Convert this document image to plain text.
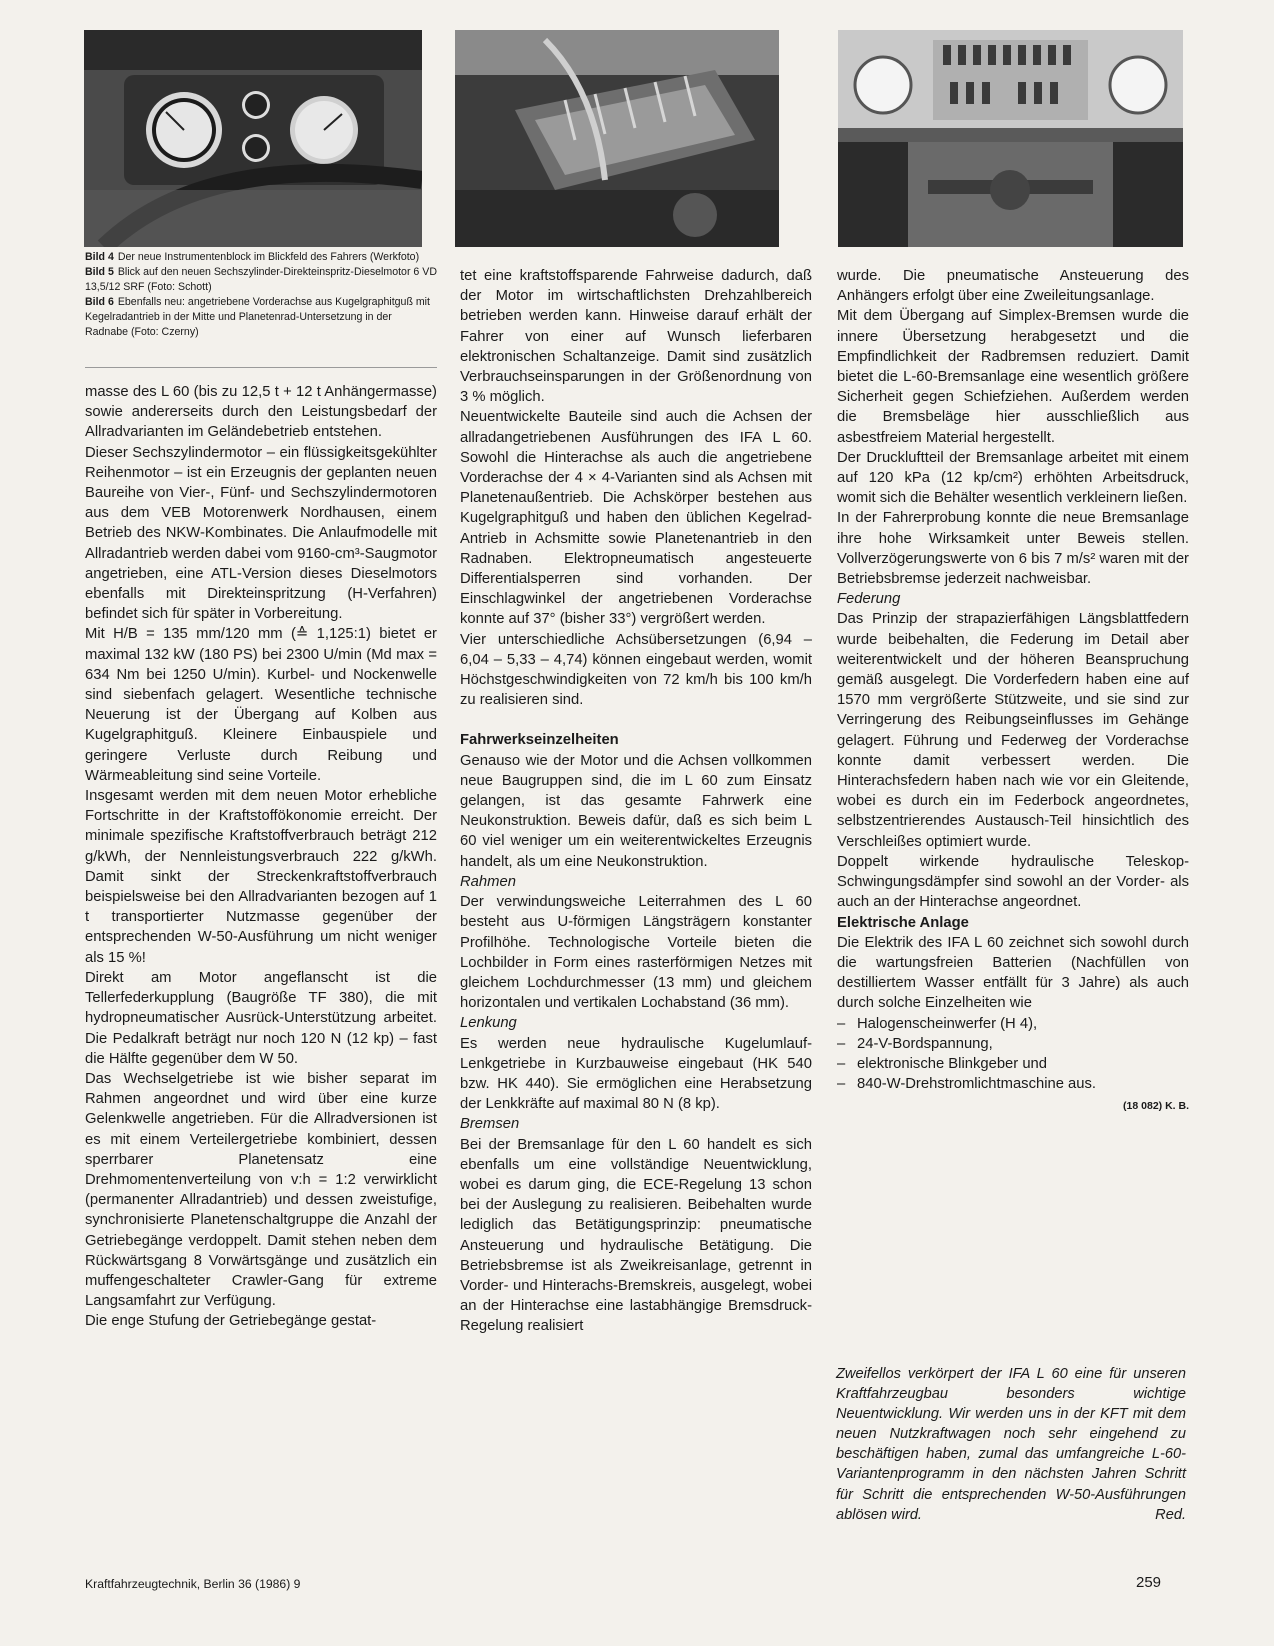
Bild 4 Der neue Instrumentenblock im Blickfeld des Fahrers (Werkfoto)

Bild 5 Blick auf den neuen Sechszylinder-Direkteinspritz-Dieselmotor 6 VD 13,5/12 SRF (Foto: Schott)

Bild 6 Ebenfalls neu: angetriebene Vorderachse aus Kugelgraphitguß mit Kegelradantrieb in der Mitte und Planetenrad-Untersetzung in der Radnabe (Foto: Czerny)

masse des L 60 (bis zu 12,5 t + 12 t Anhängermasse) sowie andererseits durch den Leistungsbedarf der Allradvarianten im Geländebetrieb entstehen.

Dieser Sechszylindermotor – ein flüssigkeitsgekühlter Reihenmotor – ist ein Erzeugnis der geplanten neuen Baureihe von Vier-, Fünf- und Sechszylindermotoren aus dem VEB Motorenwerk Nordhausen, einem Betrieb des NKW-Kombinates. Die Anlaufmodelle mit Allradantrieb werden dabei vom 9160-cm³-Saugmotor angetrieben, eine ATL-Version dieses Dieselmotors ebenfalls mit Direkteinspritzung (H-Verfahren) befindet sich für später in Vorbereitung.

Mit H/B = 135 mm/120 mm (≙ 1,125:1) bietet er maximal 132 kW (180 PS) bei 2300 U/min (Md max = 634 Nm bei 1250 U/min). Kurbel- und Nockenwelle sind siebenfach gelagert. Wesentliche technische Neuerung ist der Übergang auf Kolben aus Kugelgraphitguß. Kleinere Einbauspiele und geringere Verluste durch Reibung und Wärmeableitung sind seine Vorteile.

Insgesamt werden mit dem neuen Motor erhebliche Fortschritte in der Kraftstoffökonomie erreicht. Der minimale spezifische Kraftstoffverbrauch beträgt 212 g/kWh, der Nennleistungsverbrauch 222 g/kWh. Damit sinkt der Streckenkraftstoffverbrauch beispielsweise bei den Allradvarianten bezogen auf 1 t transportierter Nutzmasse gegenüber der entsprechenden W-50-Ausführung um nicht weniger als 15 %!

Direkt am Motor angeflanscht ist die Tellerfederkupplung (Baugröße TF 380), die mit hydropneumatischer Ausrück-Unterstützung arbeitet. Die Pedalkraft beträgt nur noch 120 N (12 kp) – fast die Hälfte gegenüber dem W 50.

Das Wechselgetriebe ist wie bisher separat im Rahmen angeordnet und wird über eine kurze Gelenkwelle angetrieben. Für die Allradversionen ist es mit einem Verteilergetriebe kombiniert, dessen sperrbarer Planetensatz eine Drehmomentenverteilung von v:h = 1:2 verwirklicht (permanenter Allradantrieb) und dessen zweistufige, synchronisierte Planetenschaltgruppe die Anzahl der Getriebegänge verdoppelt. Damit stehen neben dem Rückwärtsgang 8 Vorwärtsgänge und zusätzlich ein muffengeschalteter Crawler-Gang für extreme Langsamfahrt zur Verfügung.

Die enge Stufung der Getriebegänge gestat-

tet eine kraftstoffsparende Fahrweise dadurch, daß der Motor im wirtschaftlichsten Drehzahlbereich betrieben werden kann. Hinweise darauf erhält der Fahrer von einer auf Wunsch lieferbaren elektronischen Schaltanzeige. Damit sind zusätzlich Verbrauchseinsparungen in der Größenordnung von 3 % möglich.

Neuentwickelte Bauteile sind auch die Achsen der allradangetriebenen Ausführungen des IFA L 60. Sowohl die Hinterachse als auch die angetriebene Vorderachse der 4 × 4-Varianten sind als Achsen mit Planetenaußentrieb. Die Achskörper bestehen aus Kugelgraphitguß und haben den üblichen Kegelrad-Antrieb in Achsmitte sowie Planetenantrieb in den Radnaben. Elektropneumatisch angesteuerte Differentialsperren sind vorhanden. Der Einschlagwinkel der angetriebenen Vorderachse konnte auf 37° (bisher 33°) vergrößert werden.

Vier unterschiedliche Achsübersetzungen (6,94 – 6,04 – 5,33 – 4,74) können eingebaut werden, womit Höchstgeschwindigkeiten von 72 km/h bis 100 km/h zu realisieren sind.

Fahrwerkseinzelheiten

Genauso wie der Motor und die Achsen vollkommen neue Baugruppen sind, die im L 60 zum Einsatz gelangen, ist das gesamte Fahrwerk eine Neukonstruktion. Beweis dafür, daß es sich beim L 60 viel weniger um ein weiterentwickeltes Erzeugnis handelt, als um eine Neukonstruktion.

Rahmen

Der verwindungsweiche Leiterrahmen des L 60 besteht aus U-förmigen Längsträgern konstanter Profilhöhe. Technologische Vorteile bieten die Lochbilder in Form eines rasterförmigen Netzes mit gleichem Lochdurchmesser (13 mm) und gleichem horizontalen und vertikalen Lochabstand (36 mm).

Lenkung

Es werden neue hydraulische Kugelumlauf-Lenkgetriebe in Kurzbauweise eingebaut (HK 540 bzw. HK 440). Sie ermöglichen eine Herabsetzung der Lenkkräfte auf maximal 80 N (8 kp).

Bremsen

Bei der Bremsanlage für den L 60 handelt es sich ebenfalls um eine vollständige Neuentwicklung, wobei es darum ging, die ECE-Regelung 13 schon bei der Auslegung zu realisieren. Beibehalten wurde lediglich das Betätigungsprinzip: pneumatische Ansteuerung und hydraulische Betätigung. Die Betriebsbremse ist als Zweikreisanlage, getrennt in Vorder- und Hinterachs-Bremskreis, ausgelegt, wobei an der Hinterachse eine lastabhängige Bremsdruck-Regelung realisiert

wurde. Die pneumatische Ansteuerung des Anhängers erfolgt über eine Zweileitungsanlage.

Mit dem Übergang auf Simplex-Bremsen wurde die innere Übersetzung herabgesetzt und die Empfindlichkeit der Radbremsen reduziert. Damit bietet die L-60-Bremsanlage eine wesentlich größere Sicherheit gegen Schiefziehen. Außerdem werden die Bremsbeläge hier ausschließlich aus asbestfreiem Material hergestellt.

Der Druckluftteil der Bremsanlage arbeitet mit einem auf 120 kPa (12 kp/cm²) erhöhten Arbeitsdruck, womit sich die Behälter wesentlich verkleinern ließen.

In der Fahrerprobung konnte die neue Bremsanlage ihre hohe Wirksamkeit unter Beweis stellen. Vollverzögerungswerte von 6 bis 7 m/s² waren mit der Betriebsbremse jederzeit nachweisbar.

Federung

Das Prinzip der strapazierfähigen Längsblattfedern wurde beibehalten, die Federung im Detail aber weiterentwickelt und der höheren Beanspruchung gemäß ausgelegt. Die Vorderfedern haben eine auf 1570 mm vergrößerte Stützweite, und sie sind zur Verringerung des Reibungseinflusses im Gehänge gelagert. Führung und Federweg der Vorderachse konnte damit verbessert werden. Die Hinterachsfedern haben nach wie vor ein Gleitende, wobei es durch ein im Federbock angeordnetes, selbstzentrierendes Austausch-Teil hinsichtlich des Verschleißes optimiert wurde.

Doppelt wirkende hydraulische Teleskop-Schwingungsdämpfer sind sowohl an der Vorder- als auch an der Hinterachse angeordnet.

Elektrische Anlage

Die Elektrik des IFA L 60 zeichnet sich sowohl durch die wartungsfreien Batterien (Nachfüllen von destilliertem Wasser entfällt für 3 Jahre) als auch durch solche Einzelheiten wie

– Halogenscheinwerfer (H 4),
– 24-V-Bordspannung,
– elektronische Blinkgeber und
– 840-W-Drehstromlichtmaschine aus.
(18 082) K. B.
Zweifellos verkörpert der IFA L 60 eine für unseren Kraftfahrzeugbau besonders wichtige Neuentwicklung. Wir werden uns in der KFT mit dem neuen Nutzkraftwagen noch sehr eingehend zu beschäftigen haben, zumal das umfangreiche L-60-Variantenprogramm in den nächsten Jahren Schritt für Schritt die entsprechenden W-50-Ausführungen ablösen wird.	Red.
Kraftfahrzeugtechnik, Berlin 36 (1986) 9	259
